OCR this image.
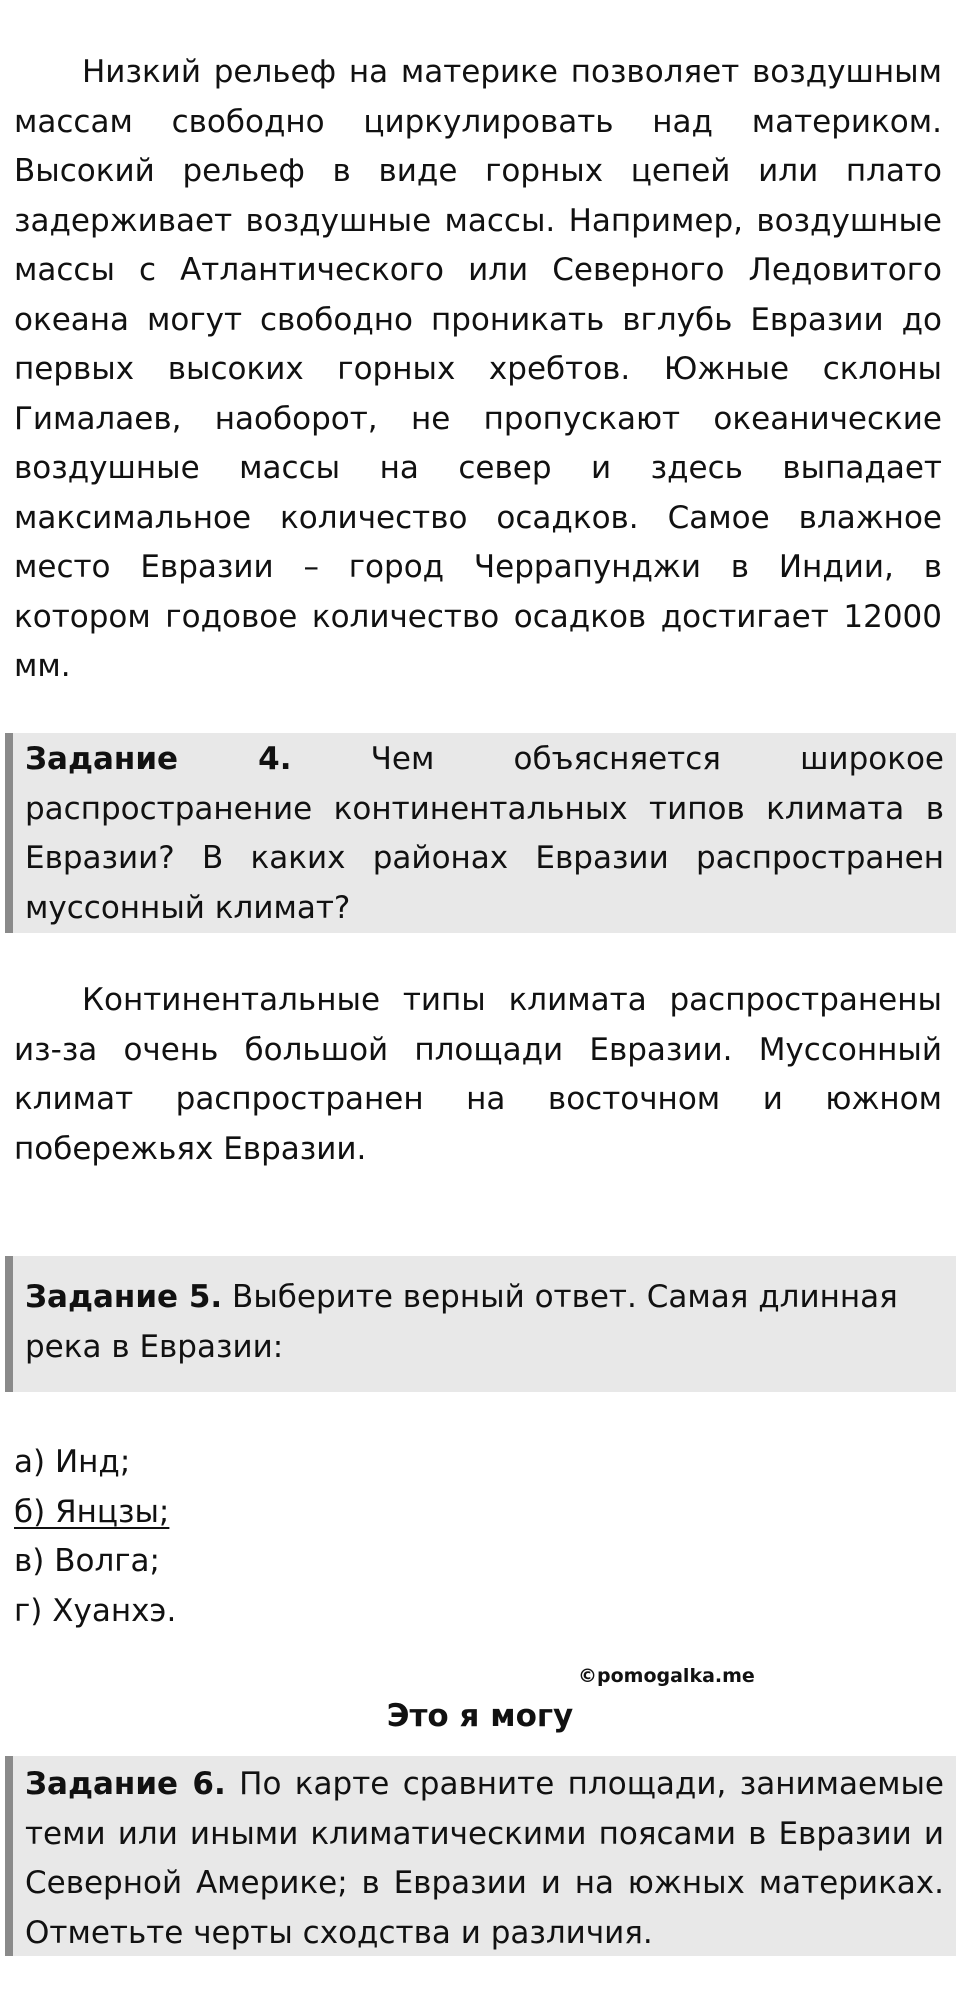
Низкий рельеф на материке позволяет воздушным массам свободно циркулировать над материком. Высокий рельеф в виде горных цепей или плато задерживает воздушные массы. Например, воздушные массы с Атлантического или Северного Ледовитого океана могут свободно проникать вглубь Евразии до первых высоких горных хребтов. Южные склоны Гималаев, наоборот, не пропускают океанические воздушные массы на север и здесь выпадает максимальное количество осадков. Самое влажное место Евразии – город Черрапунджи в Индии, в котором годовое количество осадков достигает 12000 мм.

Задание 4. Чем объясняется широкое распространение континентальных типов климата в Евразии? В каких районах Евразии распространен муссонный климат?

Континентальные типы климата распространены из-за очень большой площади Евразии. Муссонный климат распространен на восточном и южном побережьях Евразии.

Задание 5. Выберите верный ответ. Самая длинная река в Евразии:

а) Инд;
б) Янцзы;
в) Волга;
г) Хуанхэ.
©pomogalka.me
Это я могу

Задание 6. По карте сравните площади, занимаемые теми или иными климатическими поясами в Евразии и Северной Америке; в Евразии и на южных материках. Отметьте черты сходства и различия.
